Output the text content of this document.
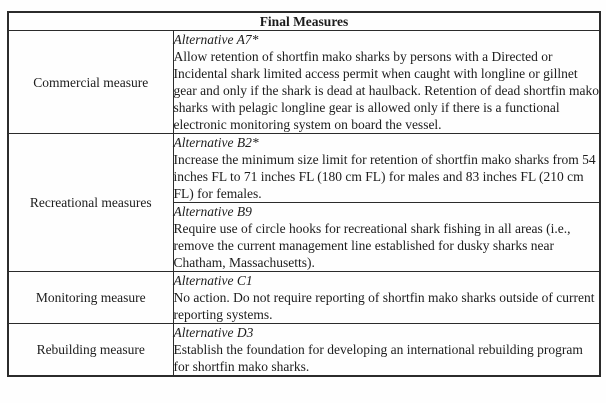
Final Measures	
Commercial measure	Alternative A7*
Allow retention of shortfin mako sharks by persons with a Directed or Incidental shark limited access permit when caught with longline or gillnet gear and only if the shark is dead at haulback. Retention of dead shortfin mako sharks with pelagic longline gear is allowed only if there is a functional electronic monitoring system on board the vessel.

Recreational measures	Alternative B2*
Increase the minimum size limit for retention of shortfin mako sharks from 54 inches FL to 71 inches FL (180 cm FL) for males and 83 inches FL (210 cm FL) for females.

	Alternative B9
Require use of circle hooks for recreational shark fishing in all areas (i.e., remove the current management line established for dusky sharks near Chatham, Massachusetts).

Monitoring measure	Alternative C1
No action. Do not require reporting of shortfin mako sharks outside of current reporting systems.

Rebuilding measure	Alternative D3
Establish the foundation for developing an international rebuilding program for shortfin mako sharks.
